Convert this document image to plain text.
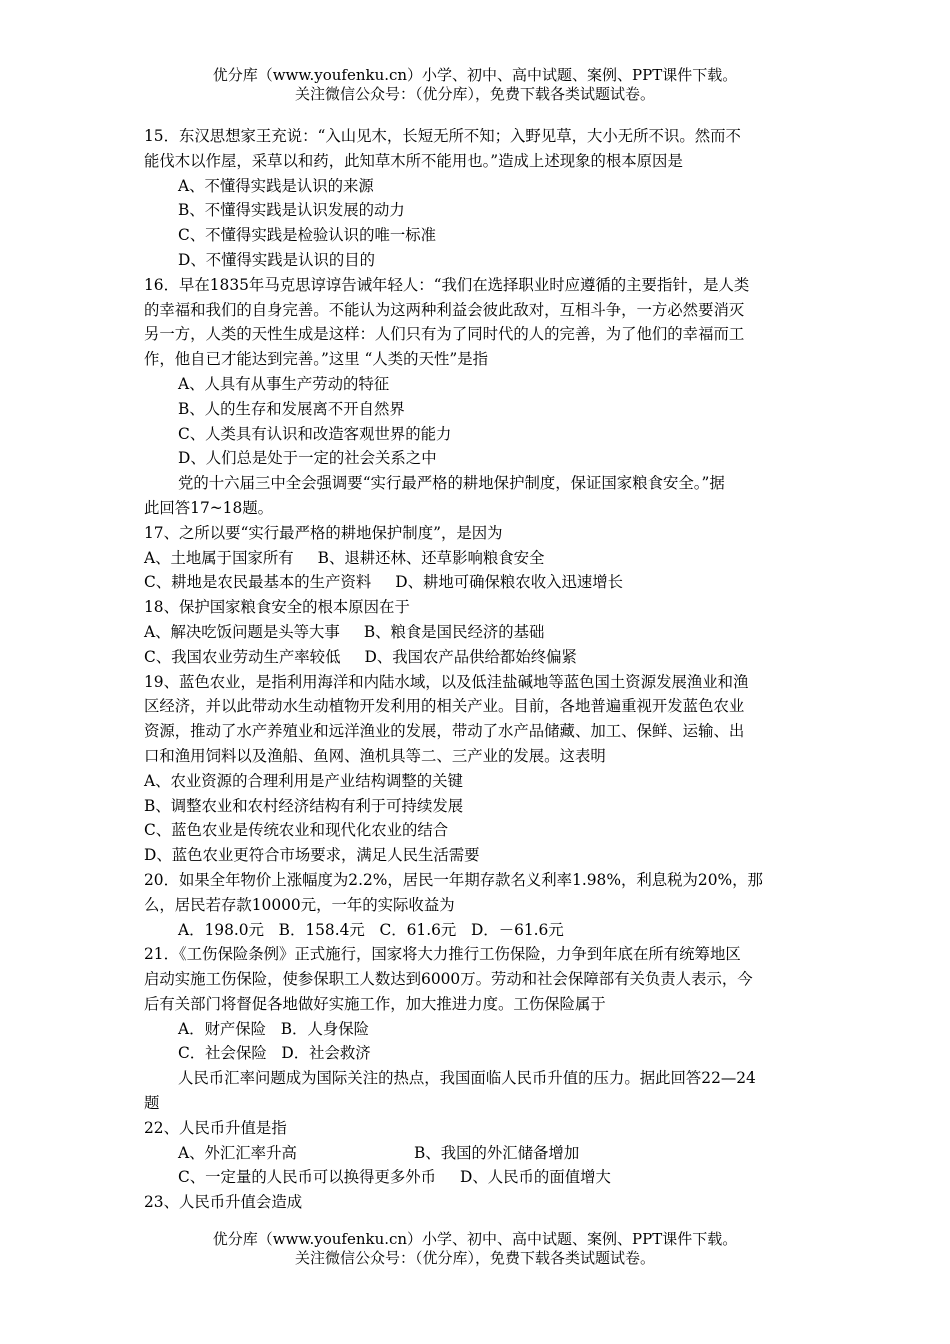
优分库（www.youfenku.cn）小学、初中、高中试题、案例、PPT课件下载。
关注微信公众号：（优分库），免费下载各类试题试卷。
15．东汉思想家王充说：“入山见木，长短无所不知；入野见草，大小无所不识。然而不
能伐木以作屋，采草以和药，此知草木所不能用也。”造成上述现象的根本原因是
A、不懂得实践是认识的来源
B、不懂得实践是认识发展的动力
C、不懂得实践是检验认识的唯一标准
D、不懂得实践是认识的目的
16．早在1835年马克思谆谆告诫年轻人：“我们在选择职业时应遵循的主要指针，是人类
的幸福和我们的自身完善。不能认为这两种利益会彼此敌对，互相斗争，一方必然要消灭
另一方，人类的天性生成是这样：人们只有为了同时代的人的完善，为了他们的幸福而工
作，他自已才能达到完善。”这里 “人类的天性”是指
A、人具有从事生产劳动的特征
B、人的生存和发展离不开自然界
C、人类具有认识和改造客观世界的能力
D、人们总是处于一定的社会关系之中
党的十六届三中全会强调要“实行最严格的耕地保护制度，保证国家粮食安全。”据
此回答17~18题。
17、之所以要“实行最严格的耕地保护制度”，是因为
A、土地属于国家所有 B、退耕还林、还草影响粮食安全
C、耕地是农民最基本的生产资料 D、耕地可确保粮农收入迅速增长
18、保护国家粮食安全的根本原因在于
A、解决吃饭问题是头等大事 B、粮食是国民经济的基础
C、我国农业劳动生产率较低 D、我国农产品供给都始终偏紧
19、蓝色农业，是指利用海洋和内陆水域，以及低洼盐碱地等蓝色国土资源发展渔业和渔
区经济，并以此带动水生动植物开发利用的相关产业。目前，各地普遍重视开发蓝色农业
资源，推动了水产养殖业和远洋渔业的发展，带动了水产品储藏、加工、保鲜、运输、出
口和渔用饲料以及渔船、鱼网、渔机具等二、三产业的发展。这表明
A、农业资源的合理利用是产业结构调整的关键
B、调整农业和农村经济结构有利于可持续发展
C、蓝色农业是传统农业和现代化农业的结合
D、蓝色农业更符合市场要求，满足人民生活需要
20．如果全年物价上涨幅度为2.2%，居民一年期存款名义利率1.98%，利息税为20%，那
么，居民若存款10000元，一年的实际收益为
A．198.0元   B．158.4元   C．61.6元   D．－61.6元
21．《工伤保险条例》正式施行，国家将大力推行工伤保险，力争到年底在所有统筹地区
启动实施工伤保险，使参保职工人数达到6000万。劳动和社会保障部有关负责人表示，今
后有关部门将督促各地做好实施工作，加大推进力度。工伤保险属于
A．财产保险   B．人身保险
C．社会保险   D．社会救济
人民币汇率问题成为国际关注的热点，我国面临人民币升值的压力。据此回答22—24
题
22、人民币升值是指
A、外汇汇率升高	B、我国的外汇储备增加
C、一定量的人民币可以换得更多外币 D、人民币的面值增大
23、人民币升值会造成
优分库（www.youfenku.cn）小学、初中、高中试题、案例、PPT课件下载。
关注微信公众号：（优分库），免费下载各类试题试卷。
